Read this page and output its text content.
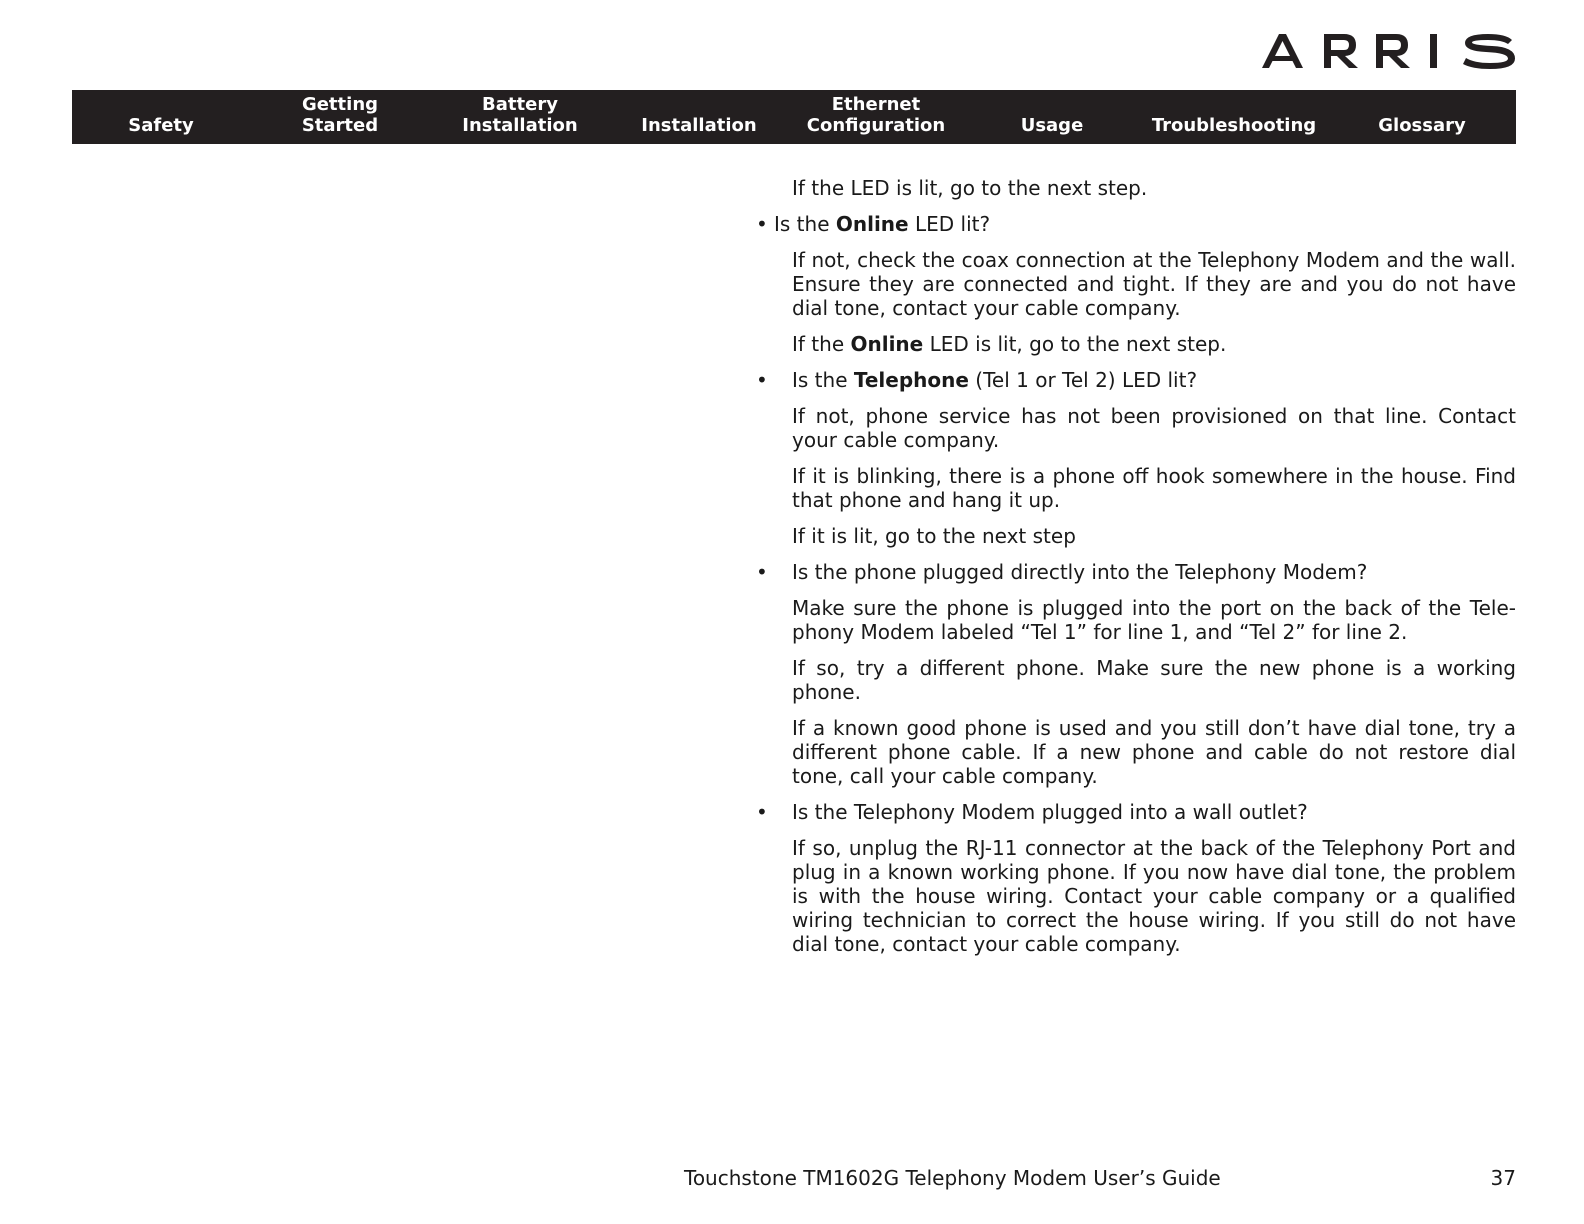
Safety
Getting
Started
Battery
Installation	Installation
Ethernet
Configuration	Usage	Troubleshooting	Glossary

If the LED is lit, go to the next step.

• Is the Online LED lit?

If not, check the coax connection at the Telephony Modem and the wall. Ensure they are connected and tight. If they are and you do not have dial tone, contact your cable company.

If the Online LED is lit, go to the next step.

• Is the Telephone (Tel 1 or Tel 2) LED lit?

If not, phone service has not been provisioned on that line. Contact your cable company.

If it is blinking, there is a phone off hook somewhere in the house. Find that phone and hang it up.

If it is lit, go to the next step

• Is the phone plugged directly into the Telephony Modem?

Make sure the phone is plugged into the port on the back of the Tele-phony Modem labeled “Tel 1” for line 1, and “Tel 2” for line 2.

If so, try a different phone. Make sure the new phone is a working phone.

If a known good phone is used and you still don’t have dial tone, try a different phone cable. If a new phone and cable do not restore dial tone, call your cable company.

• Is the Telephony Modem plugged into a wall outlet?

If so, unplug the RJ-11 connector at the back of the Telephony Port and plug in a known working phone. If you now have dial tone, the problem is with the house wiring. Contact your cable company or a qualified wiring technician to correct the house wiring. If you still do not have dial tone, contact your cable company.

Touchstone TM1602G Telephony Modem User’s Guide	37
